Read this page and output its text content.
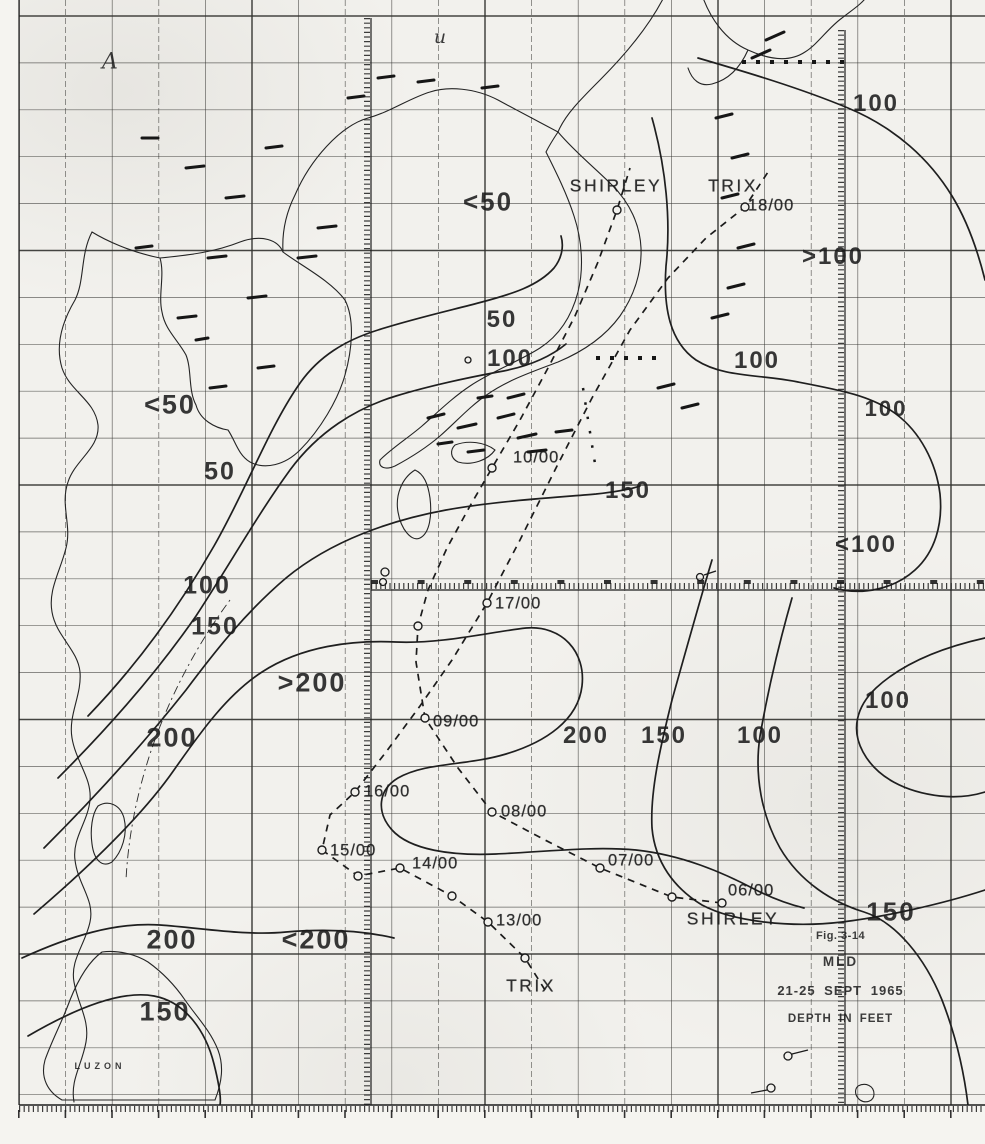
<50
50
100
150
>200
200
200	<200
150
<50
50
100
150
100
>100
100
100
<100
100
200 150 100
150
SHIRLEY	TRIX
SHIRLEY
TRIX
18/00
17/00
16/00
15/00
14/00
13/00
10/00
09/00
08/00
07/00
06/00
A
u
LUZON
Fig. 3-14
MLD
21-25 SEPT 1965
DEPTH IN FEET
